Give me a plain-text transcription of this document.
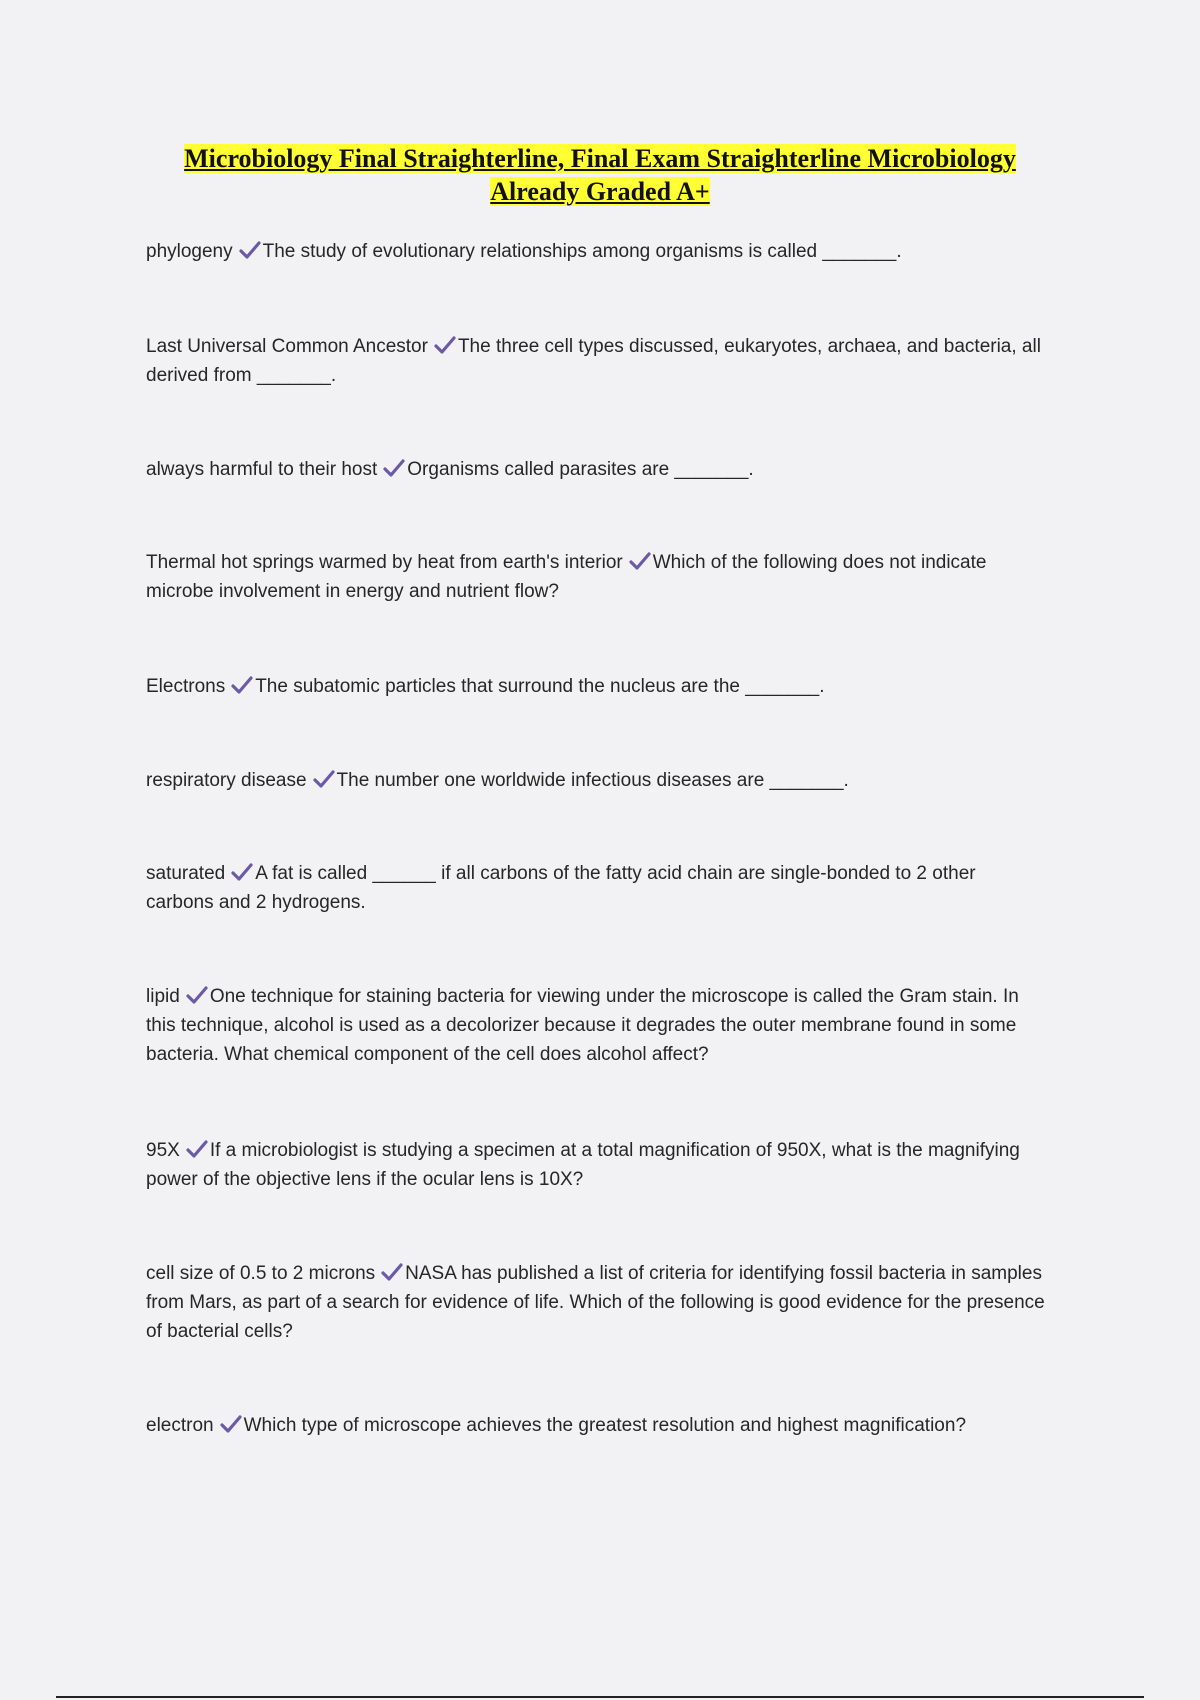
Microbiology Final Straighterline, Final Exam Straighterline Microbiology
Already Graded A+
phylogeny The study of evolutionary relationships among organisms is called _______.
Last Universal Common Ancestor The three cell types discussed, eukaryotes, archaea, and bacteria, all derived from _______.
always harmful to their host Organisms called parasites are _______.
Thermal hot springs warmed by heat from earth's interior Which of the following does not indicate microbe involvement in energy and nutrient flow?
Electrons The subatomic particles that surround the nucleus are the _______.
respiratory disease The number one worldwide infectious diseases are _______.
saturated A fat is called ______ if all carbons of the fatty acid chain are single-bonded to 2 other carbons and 2 hydrogens.
lipid One technique for staining bacteria for viewing under the microscope is called the Gram stain. In this technique, alcohol is used as a decolorizer because it degrades the outer membrane found in some bacteria. What chemical component of the cell does alcohol affect?
95X If a microbiologist is studying a specimen at a total magnification of 950X, what is the magnifying power of the objective lens if the ocular lens is 10X?
cell size of 0.5 to 2 microns NASA has published a list of criteria for identifying fossil bacteria in samples from Mars, as part of a search for evidence of life. Which of the following is good evidence for the presence of bacterial cells?
electron Which type of microscope achieves the greatest resolution and highest magnification?
